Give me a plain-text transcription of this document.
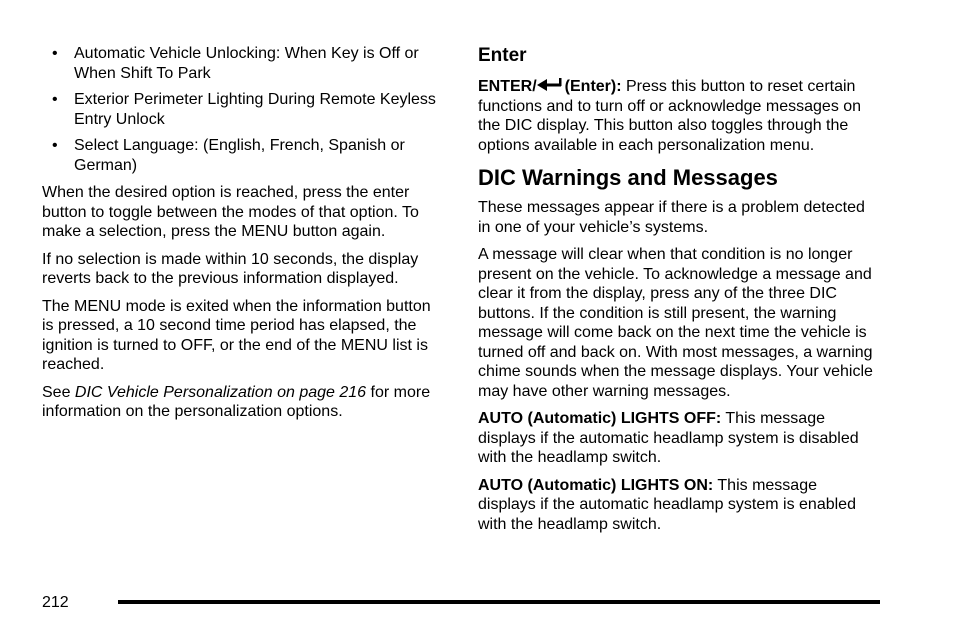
• Automatic Vehicle Unlocking: When Key is Off or When Shift To Park
• Exterior Perimeter Lighting During Remote Keyless Entry Unlock
• Select Language: (English, French, Spanish or German)

When the desired option is reached, press the enter button to toggle between the modes of that option. To make a selection, press the MENU button again.

If no selection is made within 10 seconds, the display reverts back to the previous information displayed.

The MENU mode is exited when the information button is pressed, a 10 second time period has elapsed, the ignition is turned to OFF, or the end of the MENU list is reached.

See DIC Vehicle Personalization on page 216 for more information on the personalization options.

Enter

ENTER/ (Enter): Press this button to reset certain functions and to turn off or acknowledge messages on the DIC display. This button also toggles through the options available in each personalization menu.

DIC Warnings and Messages

These messages appear if there is a problem detected in one of your vehicle’s systems.

A message will clear when that condition is no longer present on the vehicle. To acknowledge a message and clear it from the display, press any of the three DIC buttons. If the condition is still present, the warning message will come back on the next time the vehicle is turned off and back on. With most messages, a warning chime sounds when the message displays. Your vehicle may have other warning messages.

AUTO (Automatic) LIGHTS OFF: This message displays if the automatic headlamp system is disabled with the headlamp switch.

AUTO (Automatic) LIGHTS ON: This message displays if the automatic headlamp system is enabled with the headlamp switch.

212
